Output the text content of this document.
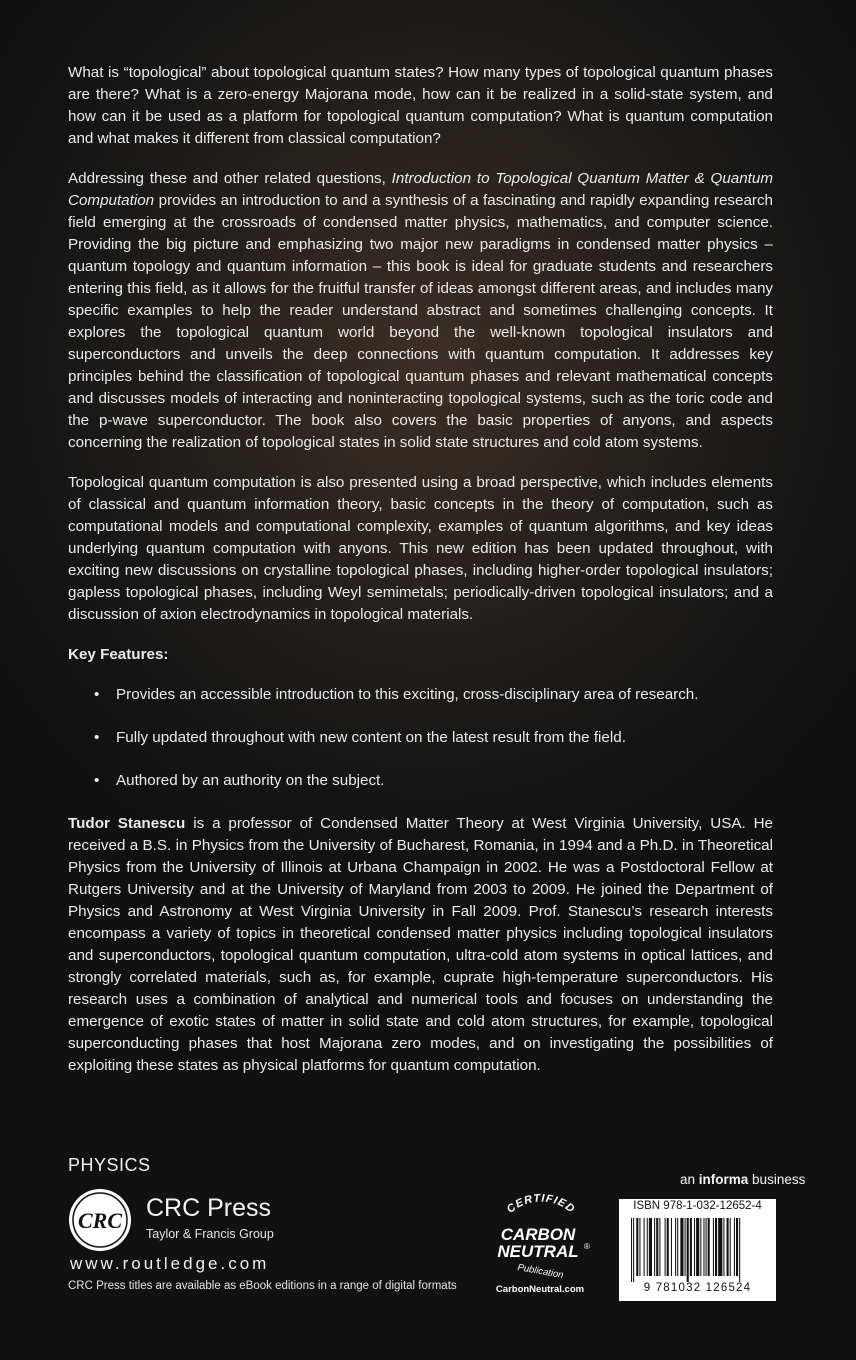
What is “topological” about topological quantum states? How many types of topological quantum phases are there? What is a zero-energy Majorana mode, how can it be realized in a solid-state system, and how can it be used as a platform for topological quantum computation? What is quantum computation and what makes it different from classical computation?

Addressing these and other related questions, Introduction to Topological Quantum Matter & Quantum Computation provides an introduction to and a synthesis of a fascinating and rapidly expanding research field emerging at the crossroads of condensed matter physics, mathematics, and computer science. Providing the big picture and emphasizing two major new paradigms in condensed matter physics – quantum topology and quantum information – this book is ideal for graduate students and researchers entering this field, as it allows for the fruitful transfer of ideas amongst different areas, and includes many specific examples to help the reader understand abstract and sometimes challenging concepts. It explores the topological quantum world beyond the well-known topological insulators and superconductors and unveils the deep connections with quantum computation. It addresses key principles behind the classification of topological quantum phases and relevant mathematical concepts and discusses models of interacting and noninteracting topological systems, such as the toric code and the p-wave superconductor. The book also covers the basic properties of anyons, and aspects concerning the realization of topological states in solid state structures and cold atom systems.

Topological quantum computation is also presented using a broad perspective, which includes elements of classical and quantum information theory, basic concepts in the theory of computation, such as computational models and computational complexity, examples of quantum algorithms, and key ideas underlying quantum computation with anyons. This new edition has been updated throughout, with exciting new discussions on crystalline topological phases, including higher-order topological insulators; gapless topological phases, including Weyl semimetals; periodically-driven topological insulators; and a discussion of axion electrodynamics in topological materials.

Key Features:
• Provides an accessible introduction to this exciting, cross-disciplinary area of research.
• Fully updated throughout with new content on the latest result from the field.
• Authored by an authority on the subject.

Tudor Stanescu is a professor of Condensed Matter Theory at West Virginia University, USA. He received a B.S. in Physics from the University of Bucharest, Romania, in 1994 and a Ph.D. in Theoretical Physics from the University of Illinois at Urbana Champaign in 2002. He was a Postdoctoral Fellow at Rutgers University and at the University of Maryland from 2003 to 2009. He joined the Department of Physics and Astronomy at West Virginia University in Fall 2009. Prof. Stanescu’s research interests encompass a variety of topics in theoretical condensed matter physics including topological insulators and superconductors, topological quantum computation, ultra-cold atom systems in optical lattices, and strongly correlated materials, such as, for example, cuprate high-temperature superconductors. His research uses a combination of analytical and numerical tools and focuses on understanding the emergence of exotic states of matter in solid state and cold atom structures, for example, topological superconducting phases that host Majorana zero modes, and on investigating the possibilities of exploiting these states as physical platforms for quantum computation.

PHYSICS
CRC CRC Press
Taylor & Francis Group
www.routledge.com
CRC Press titles are available as eBook editions in a range of digital formats
CERTIFIED
CARBON
NEUTRAL ®
Publication
CarbonNeutral.com
an informa business
ISBN 978-1-032-12652-4
9 781032 126524
